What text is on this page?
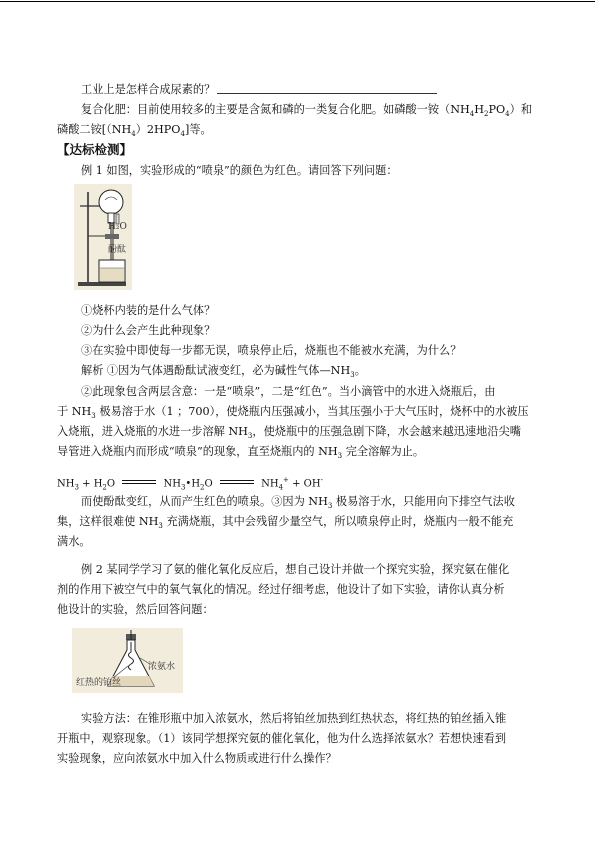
工业上是怎样合成尿素的？
复合化肥：目前使用较多的主要是含氮和磷的一类复合化肥。如磷酸一铵$(NH_4H_2PO_4)$和
磷酸二铵$[(NH_4)2HPO_4]$等。
【达标检测】
例 1 如图，实验形成的“喷泉”的颜色为红色。请回答下列问题：
H₂O
酚酞
①烧杯内装的是什么气体？
②为什么会产生此种现象？
③在实验中即使每一步都无误，喷泉停止后，烧瓶也不能被水充满，为什么？
解析 ①因为气体遇酚酞试液变红，必为碱性气体$—NH_3$。
②此现象包含两层含意：一是“喷泉”，二是“红色”。当小滴管中的水进入烧瓶后，由
于 $NH_3$ 极易溶于水（1 ；700），使烧瓶内压强减小，当其压强小于大气压时，烧杯中的水被压
入烧瓶，进入烧瓶的水进一步溶解 $NH_3$，使烧瓶中的压强急剧下降，水会越来越迅速地沿尖嘴
导管进入烧瓶内而形成“喷泉”的现象，直至烧瓶内的 $NH_3$ 完全溶解为止。
$NH_3 + H_2O$	$NH_3•H_2O$	$NH_4^+ + OH^-$
而使酚酞变红，从而产生红色的喷泉。③因为 $NH_3$ 极易溶于水，只能用向下排空气法收
集，这样很难使 $NH_3$ 充满烧瓶，其中会残留少量空气，所以喷泉停止时，烧瓶内一般不能充
满水。
例 2 某同学学习了氨的催化氧化反应后，想自己设计并做一个探究实验，探究氨在催化
剂的作用下被空气中的氧气氧化的情况。经过仔细考虑，他设计了如下实验，请你认真分析
他设计的实验，然后回答问题：
浓氨水
红热的铂丝
实验方法：在锥形瓶中加入浓氨水，然后将铂丝加热到红热状态，将红热的铂丝插入锥
开瓶中，观察现象。（1）该同学想探究氨的催化氧化，他为什么选择浓氨水？若想快速看到
实验现象，应向浓氨水中加入什么物质或进行什么操作？
